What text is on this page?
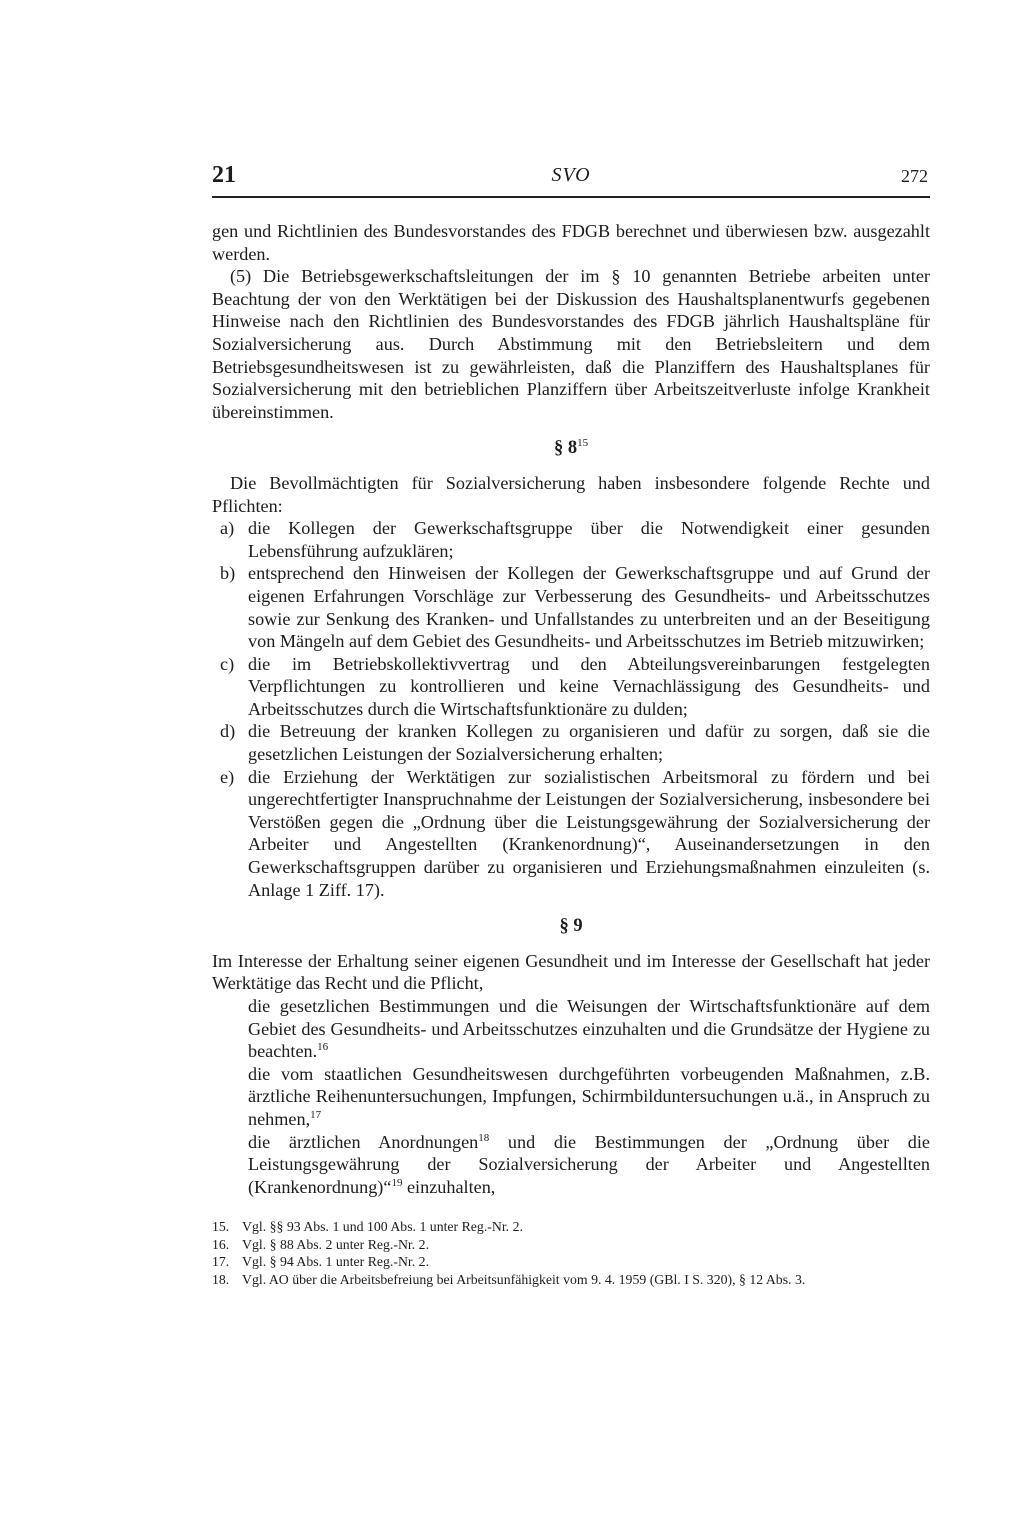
21	SVO	272

gen und Richtlinien des Bundesvorstandes des FDGB berechnet und überwiesen bzw. ausgezahlt werden.

(5) Die Betriebsgewerkschaftsleitungen der im § 10 genannten Betriebe arbeiten unter Beachtung der von den Werktätigen bei der Diskussion des Haushaltsplanentwurfs gegebenen Hinweise nach den Richtlinien des Bundesvorstandes des FDGB jährlich Haushaltspläne für Sozialversicherung aus. Durch Abstimmung mit den Betriebsleitern und dem Betriebsgesundheitswesen ist zu gewährleisten, daß die Planziffern des Haushaltsplanes für Sozialversicherung mit den betrieblichen Planziffern über Arbeitszeitverluste infolge Krankheit übereinstimmen.

§ $8^{15}$

Die Bevollmächtigten für Sozialversicherung haben insbesondere folgende Rechte und Pflichten:

a) die Kollegen der Gewerkschaftsgruppe über die Notwendigkeit einer gesunden Lebensführung aufzuklären;
b) entsprechend den Hinweisen der Kollegen der Gewerkschaftsgruppe und auf Grund der eigenen Erfahrungen Vorschläge zur Verbesserung des Gesundheits- und Arbeitsschutzes sowie zur Senkung des Kranken- und Unfallstandes zu unterbreiten und an der Beseitigung von Mängeln auf dem Gebiet des Gesundheits- und Arbeitsschutzes im Betrieb mitzuwirken;
c) die im Betriebskollektivvertrag und den Abteilungsvereinbarungen festgelegten Verpflichtungen zu kontrollieren und keine Vernachlässigung des Gesundheits- und Arbeitsschutzes durch die Wirtschaftsfunktionäre zu dulden;
d) die Betreuung der kranken Kollegen zu organisieren und dafür zu sorgen, daß sie die gesetzlichen Leistungen der Sozialversicherung erhalten;
e) die Erziehung der Werktätigen zur sozialistischen Arbeitsmoral zu fördern und bei ungerechtfertigter Inanspruchnahme der Leistungen der Sozialversicherung, insbesondere bei Verstößen gegen die „Ordnung über die Leistungsgewährung der Sozialversicherung der Arbeiter und Angestellten (Krankenordnung)“, Auseinandersetzungen in den Gewerkschaftsgruppen darüber zu organisieren und Erziehungsmaßnahmen einzuleiten (s. Anlage 1 Ziff. 17).
§ 9

Im Interesse der Erhaltung seiner eigenen Gesundheit und im Interesse der Gesellschaft hat jeder Werktätige das Recht und die Pflicht,

die gesetzlichen Bestimmungen und die Weisungen der Wirtschaftsfunktionäre auf dem Gebiet des Gesundheits- und Arbeitsschutzes einzuhalten und die Grundsätze der Hygiene zu beachten.$^{16}$
die vom staatlichen Gesundheitswesen durchgeführten vorbeugenden Maßnahmen, z.B. ärztliche Reihenuntersuchungen, Impfungen, Schirmbilduntersuchungen u.ä., in Anspruch zu nehmen,$^{17}$
die ärztlichen Anordnungen$^{18}$ und die Bestimmungen der „Ordnung über die Leistungsgewährung der Sozialversicherung der Arbeiter und Angestellten (Krankenordnung)“$^{19}$ einzuhalten,
15. Vgl. §§ 93 Abs. 1 und 100 Abs. 1 unter Reg.-Nr. 2.
16. Vgl. § 88 Abs. 2 unter Reg.-Nr. 2.
17. Vgl. § 94 Abs. 1 unter Reg.-Nr. 2.
18. Vgl. AO über die Arbeitsbefreiung bei Arbeitsunfähigkeit vom 9. 4. 1959 (GBl. I S. 320), § 12 Abs. 3.
